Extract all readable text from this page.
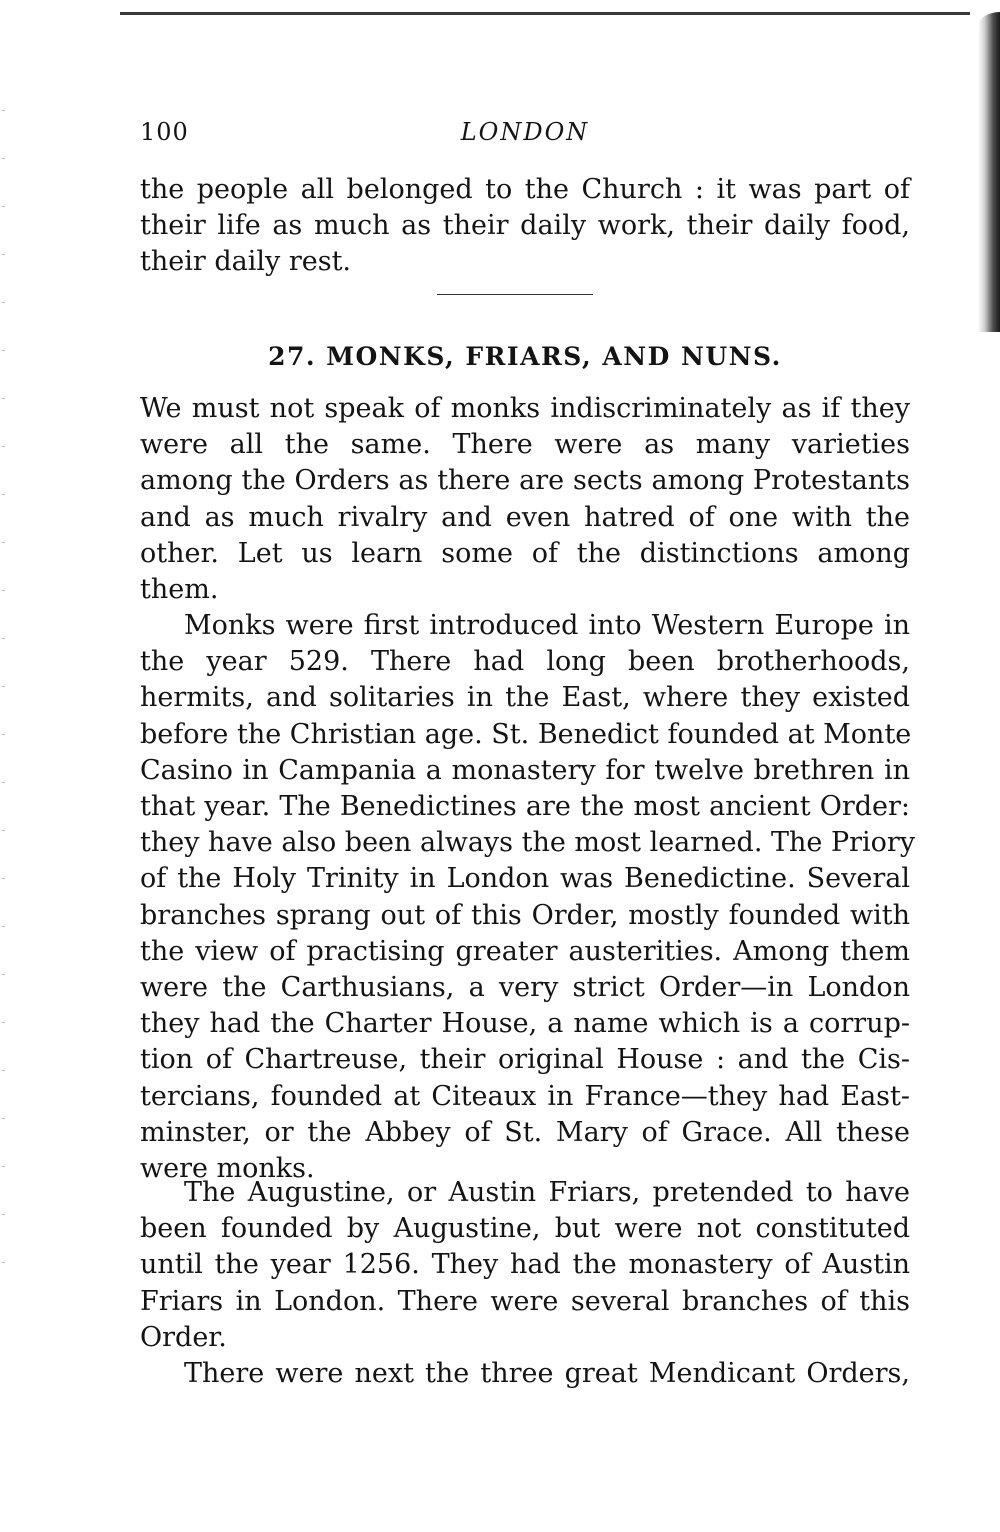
100	LONDON
the people all belonged to the Church : it was part of
their life as much as their daily work, their daily food,
their daily rest.
27. MONKS, FRIARS, AND NUNS.
We must not speak of monks indiscriminately as if they
were all the same. There were as many varieties
among the Orders as there are sects among Protestants
and as much rivalry and even hatred of one with the
other. Let us learn some of the distinctions among
them.
Monks were first introduced into Western Europe in
the year 529. There had long been brotherhoods,
hermits, and solitaries in the East, where they existed
before the Christian age. St. Benedict founded at Monte
Casino in Campania a monastery for twelve brethren in
that year. The Benedictines are the most ancient Order:
they have also been always the most learned. The Priory
of the Holy Trinity in London was Benedictine. Several
branches sprang out of this Order, mostly founded with
the view of practising greater austerities. Among them
were the Carthusians, a very strict Order—in London
they had the Charter House, a name which is a corrup-
tion of Chartreuse, their original House : and the Cis-
tercians, founded at Citeaux in France—they had East-
minster, or the Abbey of St. Mary of Grace. All these
were monks.
The Augustine, or Austin Friars, pretended to have
been founded by Augustine, but were not constituted
until the year 1256. They had the monastery of Austin
Friars in London. There were several branches of this
Order.
There were next the three great Mendicant Orders,
